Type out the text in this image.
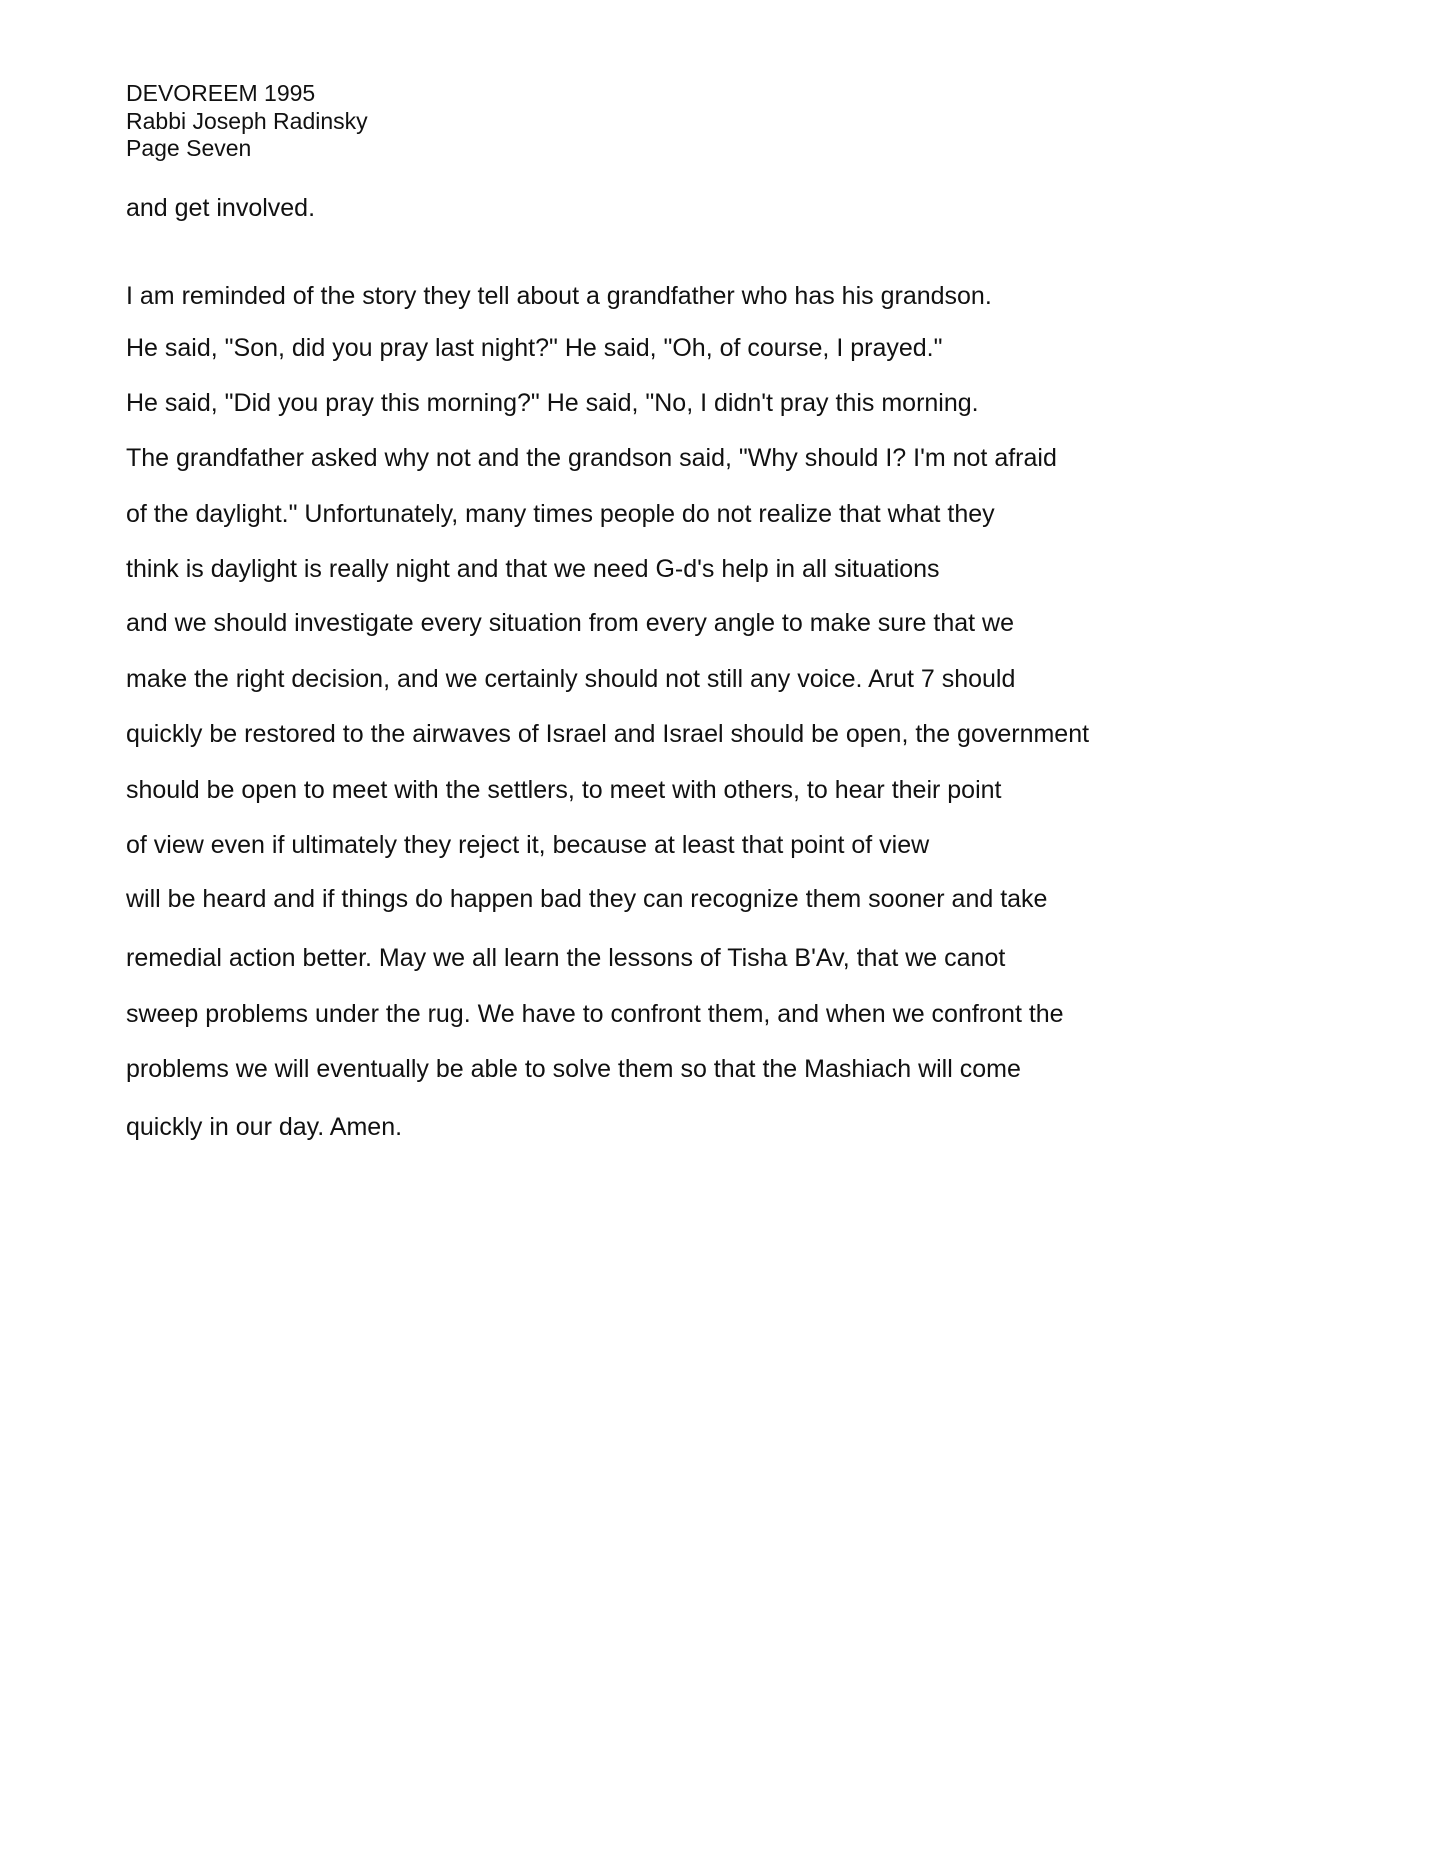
DEVOREEM 1995
Rabbi Joseph Radinsky
Page Seven
and get involved.
I am reminded of the story they tell about a grandfather who has his grandson.
He said, "Son, did you pray last night?" He said, "Oh, of course, I prayed."
He said, "Did you pray this morning?" He said, "No, I didn't pray this morning.
The grandfather asked why not and the grandson said, "Why should I? I'm not afraid
of the daylight." Unfortunately, many times people do not realize that what they
think is daylight is really night and that we need G-d's help in all situations
and we should investigate every situation from every angle to make sure that we
make the right decision, and we certainly should not still any voice. Arut 7 should
quickly be restored to the airwaves of Israel and Israel should be open, the government
should be open to meet with the settlers, to meet with others, to hear their point
of view even if ultimately they reject it, because at least that point of view
will be heard and if things do happen bad they can recognize them sooner and take
remedial action better. May we all learn the lessons of Tisha B'Av, that we canot
sweep problems under the rug. We have to confront them, and when we confront the
problems we will eventually be able to solve them so that the Mashiach will come
quickly in our day. Amen.
